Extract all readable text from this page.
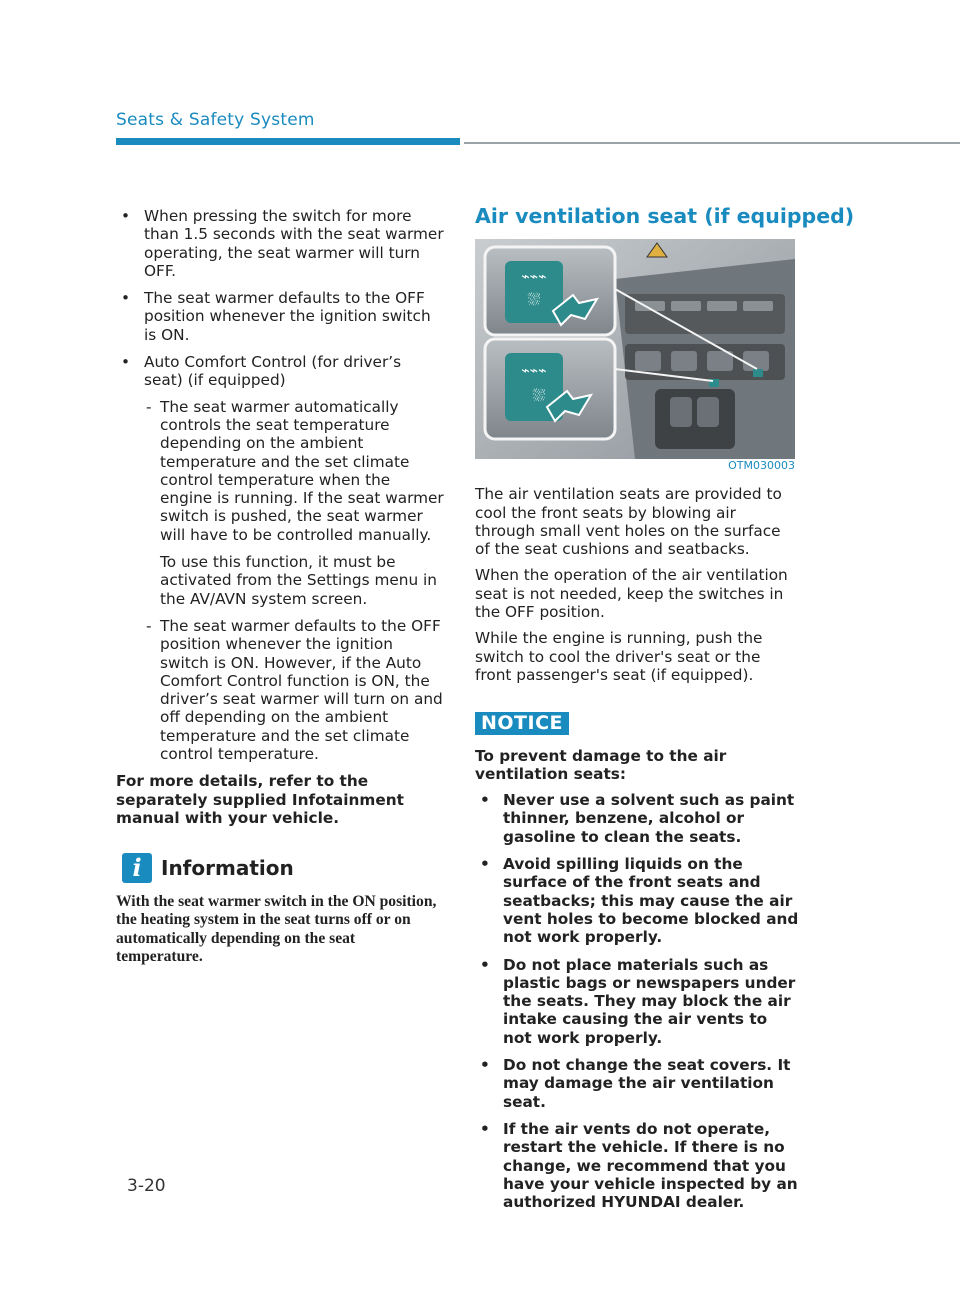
Seats & Safety System
• When pressing the switch for more than 1.5 seconds with the seat warmer operating, the seat warmer will turn OFF.
• The seat warmer defaults to the OFF position whenever the ignition switch is ON.
• Auto Comfort Control (for driver’s seat) (if equipped)
- The seat warmer automatically controls the seat temperature depending on the ambient temperature and the set climate control temperature when the engine is running. If the seat warmer switch is pushed, the seat warmer will have to be controlled manually.
To use this function, it must be activated from the Settings menu in the AV/AVN system screen.
- The seat warmer defaults to the OFF position whenever the ignition switch is ON. However, if the Auto Comfort Control function is ON, the driver’s seat warmer will turn on and off depending on the ambient temperature and the set climate control temperature.
For more details, refer to the separately supplied Infotainment manual with your vehicle.
i Information
With the seat warmer switch in the ON position, the heating system in the seat turns off or on automatically depending on the seat temperature.
Air ventilation seat (if equipped)
⌁⌁⌁
⛆
⌁⌁⌁
⛆
OTM030003

The air ventilation seats are provided to cool the front seats by blowing air through small vent holes on the surface of the seat cushions and seatbacks.

When the operation of the air ventilation seat is not needed, keep the switches in the OFF position.

While the engine is running, push the switch to cool the driver's seat or the front passenger's seat (if equipped).

NOTICE
To prevent damage to the air ventilation seats:
• Never use a solvent such as paint thinner, benzene, alcohol or gasoline to clean the seats.
• Avoid spilling liquids on the surface of the front seats and seatbacks; this may cause the air vent holes to become blocked and not work properly.
• Do not place materials such as plastic bags or newspapers under the seats. They may block the air intake causing the air vents to not work properly.
• Do not change the seat covers. It may damage the air ventilation seat.
• If the air vents do not operate, restart the vehicle. If there is no change, we recommend that you have your vehicle inspected by an authorized HYUNDAI dealer.
3-20
